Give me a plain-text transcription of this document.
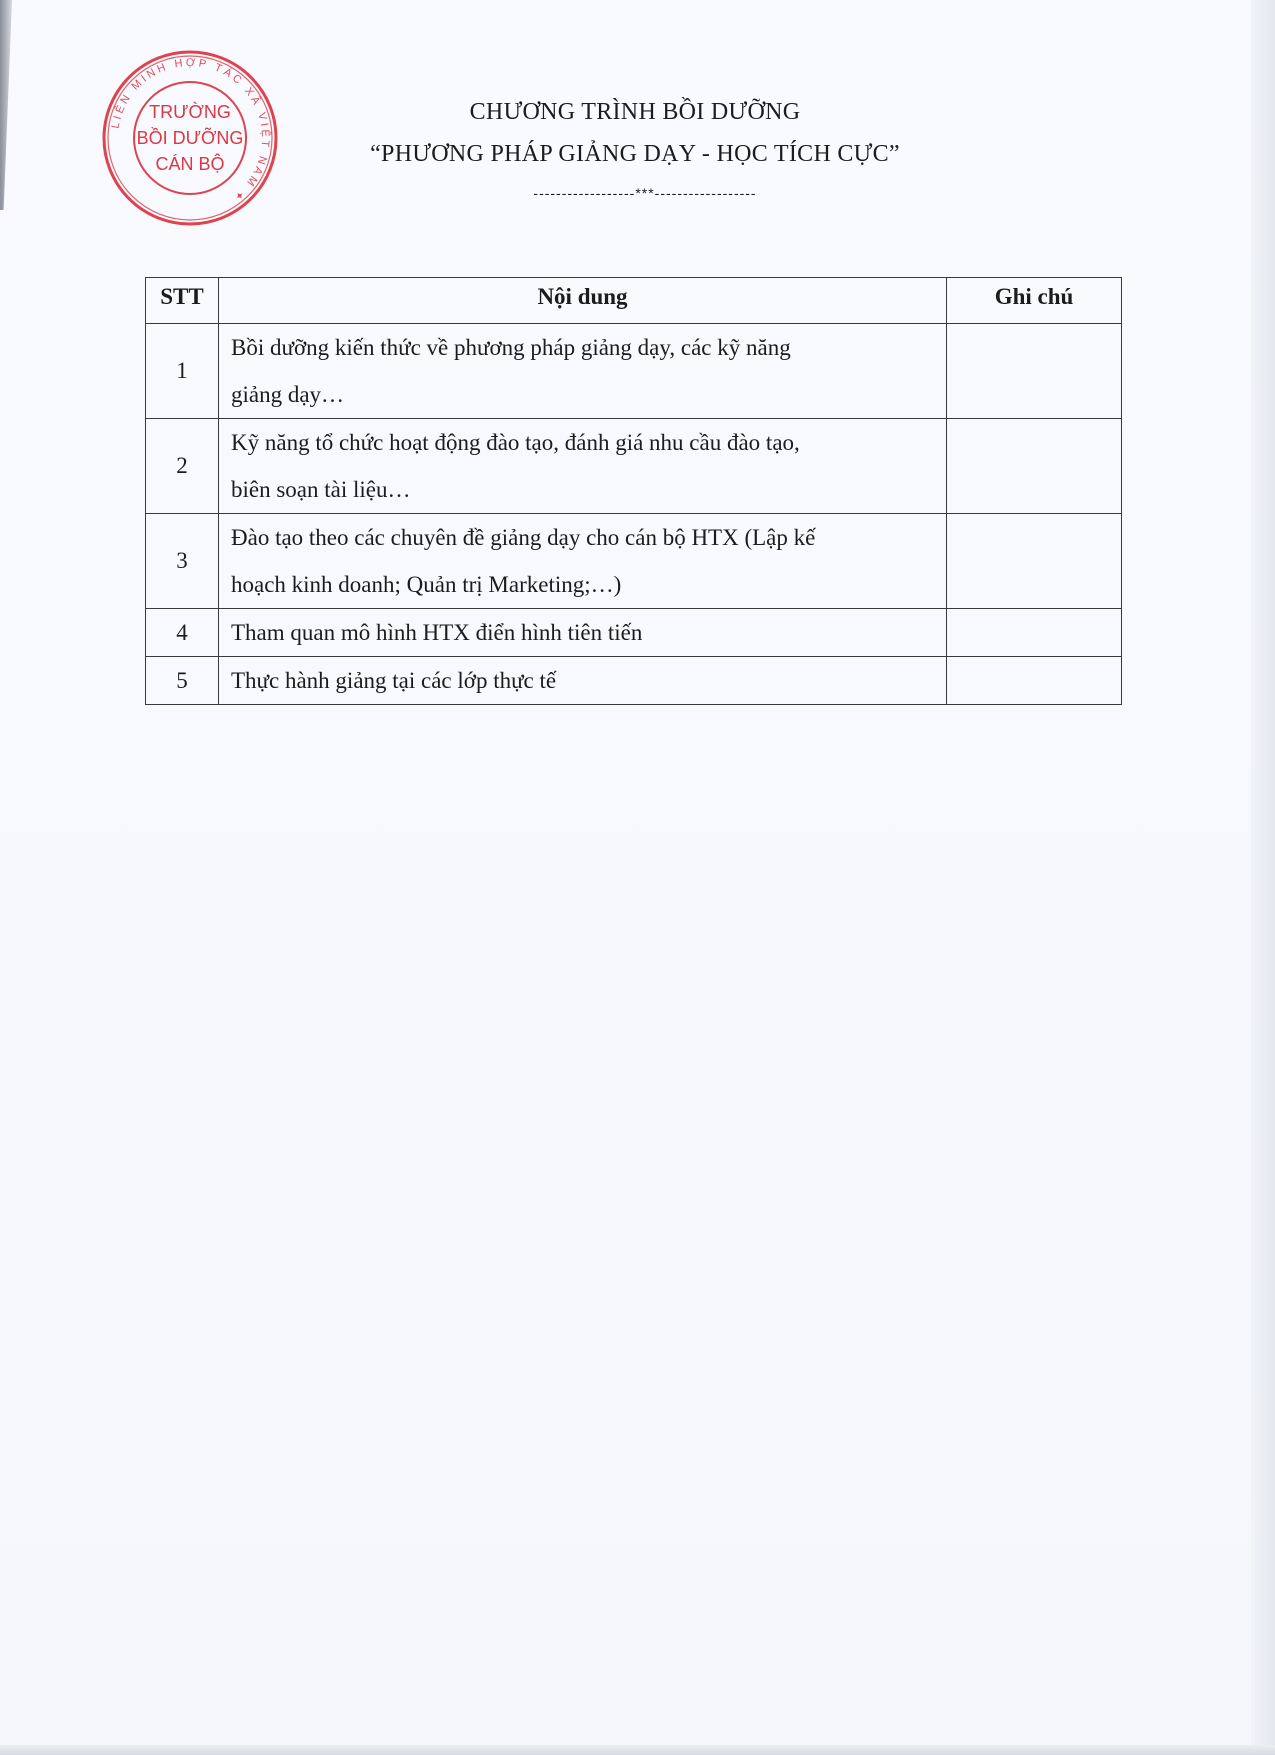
LIÊN MINH HỢP TÁC XÃ VIỆT NAM ✦
TRƯỜNG
BỒI DƯỠNG
CÁN BỘ
CHƯƠNG TRÌNH BỒI DƯỠNG
“PHƯƠNG PHÁP GIẢNG DẠY - HỌC TÍCH CỰC”
------------------***------------------
STT	Nội dung	Ghi chú
1	Bồi dưỡng kiến thức về phương pháp giảng dạy, các kỹ năng
giảng dạy…	
2	Kỹ năng tổ chức hoạt động đào tạo, đánh giá nhu cầu đào tạo,
biên soạn tài liệu…	
3	Đào tạo theo các chuyên đề giảng dạy cho cán bộ HTX (Lập kế
hoạch kinh doanh; Quản trị Marketing;…)	
4	Tham quan mô hình HTX điển hình tiên tiến	
5	Thực hành giảng tại các lớp thực tế	
